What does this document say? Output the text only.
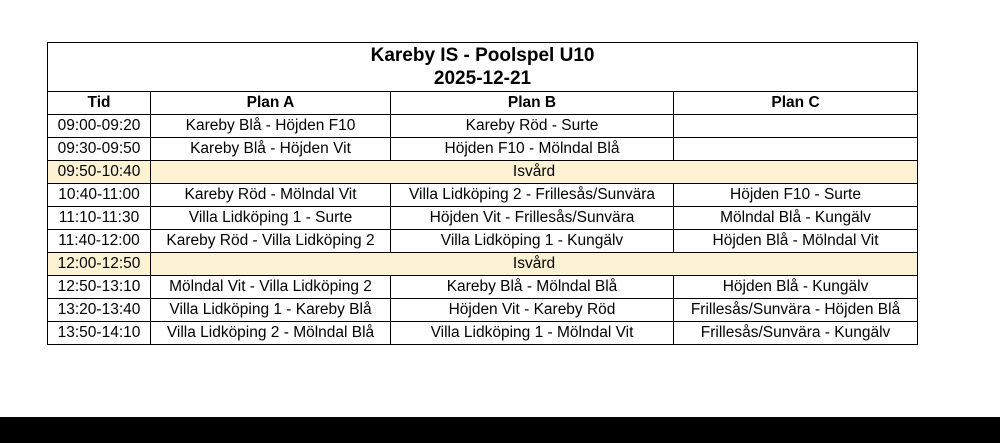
Kareby IS - Poolspel U10
2025-12-21			

Tid	Plan A	Plan B	Plan C
09:00-09:20	Kareby Blå - Höjden F10	Kareby Röd - Surte	
09:30-09:50	Kareby Blå - Höjden Vit	Höjden F10 - Mölndal Blå	
09:50-10:40	Isvård		
10:40-11:00	Kareby Röd - Mölndal Vit	Villa Lidköping 2 - Frillesås/Sunvära	Höjden F10 - Surte
11:10-11:30	Villa Lidköping 1 - Surte	Höjden Vit - Frillesås/Sunvära	Mölndal Blå - Kungälv
11:40-12:00	Kareby Röd - Villa Lidköping 2	Villa Lidköping 1 - Kungälv	Höjden Blå - Mölndal Vit
12:00-12:50	Isvård		
12:50-13:10	Mölndal Vit - Villa Lidköping 2	Kareby Blå - Mölndal Blå	Höjden Blå - Kungälv
13:20-13:40	Villa Lidköping 1 - Kareby Blå	Höjden Vit - Kareby Röd	Frillesås/Sunvära - Höjden Blå
13:50-14:10	Villa Lidköping 2 - Mölndal Blå	Villa Lidköping 1 - Mölndal Vit	Frillesås/Sunvära - Kungälv
